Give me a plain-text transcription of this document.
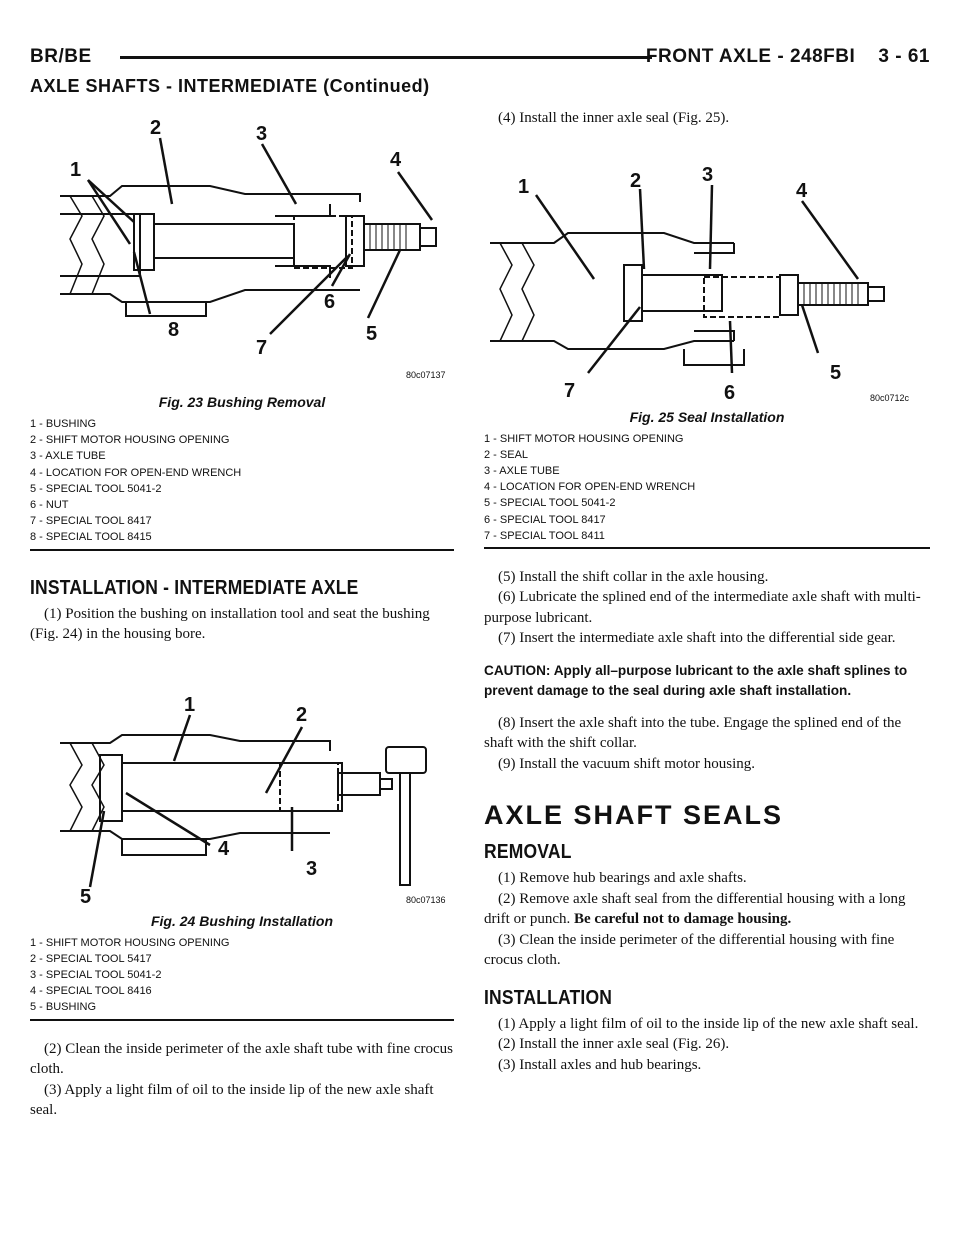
BR/BE	FRONT AXLE - 248FBI    3 - 61
AXLE SHAFTS - INTERMEDIATE (Continued)
1
2	3
4
5
6
7
8
80c07137
Fig. 23 Bushing Removal
1 - BUSHING
2 - SHIFT MOTOR HOUSING OPENING
3 - AXLE TUBE
4 - LOCATION FOR OPEN-END WRENCH
5 - SPECIAL TOOL 5041-2
6 - NUT
7 - SPECIAL TOOL 8417
8 - SPECIAL TOOL 8415
INSTALLATION - INTERMEDIATE AXLE

(1) Position the bushing on installation tool and seat the bushing (Fig. 24) in the housing bore.

1	2
3
4
5	80c07136
Fig. 24 Bushing Installation
1 - SHIFT MOTOR HOUSING OPENING
2 - SPECIAL TOOL 5417
3 - SPECIAL TOOL 5041-2
4 - SPECIAL TOOL 8416
5 - BUSHING

(2) Clean the inside perimeter of the axle shaft tube with fine crocus cloth.

(3) Apply a light film of oil to the inside lip of the new axle shaft seal.

(4) Install the inner axle seal (Fig. 25).

1	2	3
4
5
6
7	80c0712c
Fig. 25 Seal Installation
1 - SHIFT MOTOR HOUSING OPENING
2 - SEAL
3 - AXLE TUBE
4 - LOCATION FOR OPEN-END WRENCH
5 - SPECIAL TOOL 5041-2
6 - SPECIAL TOOL 8417
7 - SPECIAL TOOL 8411

(5) Install the shift collar in the axle housing.

(6) Lubricate the splined end of the intermediate axle shaft with multi-purpose lubricant.

(7) Insert the intermediate axle shaft into the differential side gear.

CAUTION: Apply all–purpose lubricant to the axle shaft splines to prevent damage to the seal during axle shaft installation.

(8) Insert the axle shaft into the tube. Engage the splined end of the shaft with the shift collar.

(9) Install the vacuum shift motor housing.

AXLE SHAFT SEALS
REMOVAL

(1) Remove hub bearings and axle shafts.

(2) Remove axle shaft seal from the differential housing with a long drift or punch. Be careful not to damage housing.

(3) Clean the inside perimeter of the differential housing with fine crocus cloth.

INSTALLATION

(1) Apply a light film of oil to the inside lip of the new axle shaft seal.

(2) Install the inner axle seal (Fig. 26).

(3) Install axles and hub bearings.
